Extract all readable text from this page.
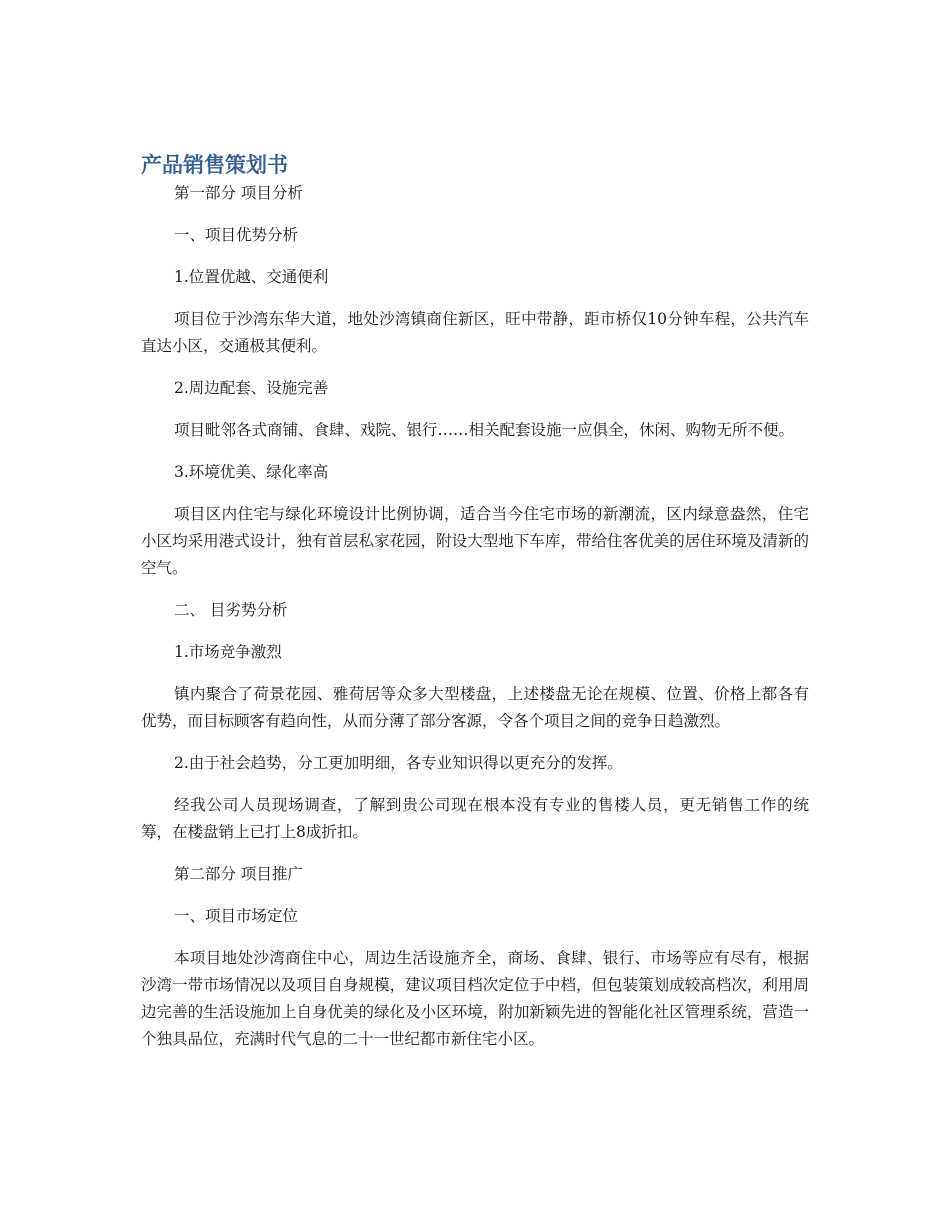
产品销售策划书

第一部分 项目分析

一、项目优势分析

1.位置优越、交通便利

项目位于沙湾东华大道，地处沙湾镇商住新区，旺中带静，距市桥仅10分钟车程，公共汽车直达小区，交通极其便利。

2.周边配套、设施完善

项目毗邻各式商铺、食肆、戏院、银行……相关配套设施一应俱全，休闲、购物无所不便。

3.环境优美、绿化率高

项目区内住宅与绿化环境设计比例协调，适合当今住宅市场的新潮流，区内绿意盎然，住宅小区均采用港式设计，独有首层私家花园，附设大型地下车库，带给住客优美的居住环境及清新的空气。

二、 目劣势分析

1.市场竞争激烈

镇内聚合了荷景花园、雅荷居等众多大型楼盘，上述楼盘无论在规模、位置、价格上都各有优势，而目标顾客有趋向性，从而分薄了部分客源，令各个项目之间的竞争日趋激烈。

2.由于社会趋势，分工更加明细，各专业知识得以更充分的发挥。

经我公司人员现场调查，了解到贵公司现在根本没有专业的售楼人员，更无销售工作的统筹，在楼盘销上已打上8成折扣。

第二部分 项目推广

一、项目市场定位

本项目地处沙湾商住中心，周边生活设施齐全，商场、食肆、银行、市场等应有尽有，根据沙湾一带市场情况以及项目自身规模，建议项目档次定位于中档，但包装策划成较高档次，利用周边完善的生活设施加上自身优美的绿化及小区环境，附加新颖先进的智能化社区管理系统，营造一个独具品位，充满时代气息的二十一世纪都市新住宅小区。
